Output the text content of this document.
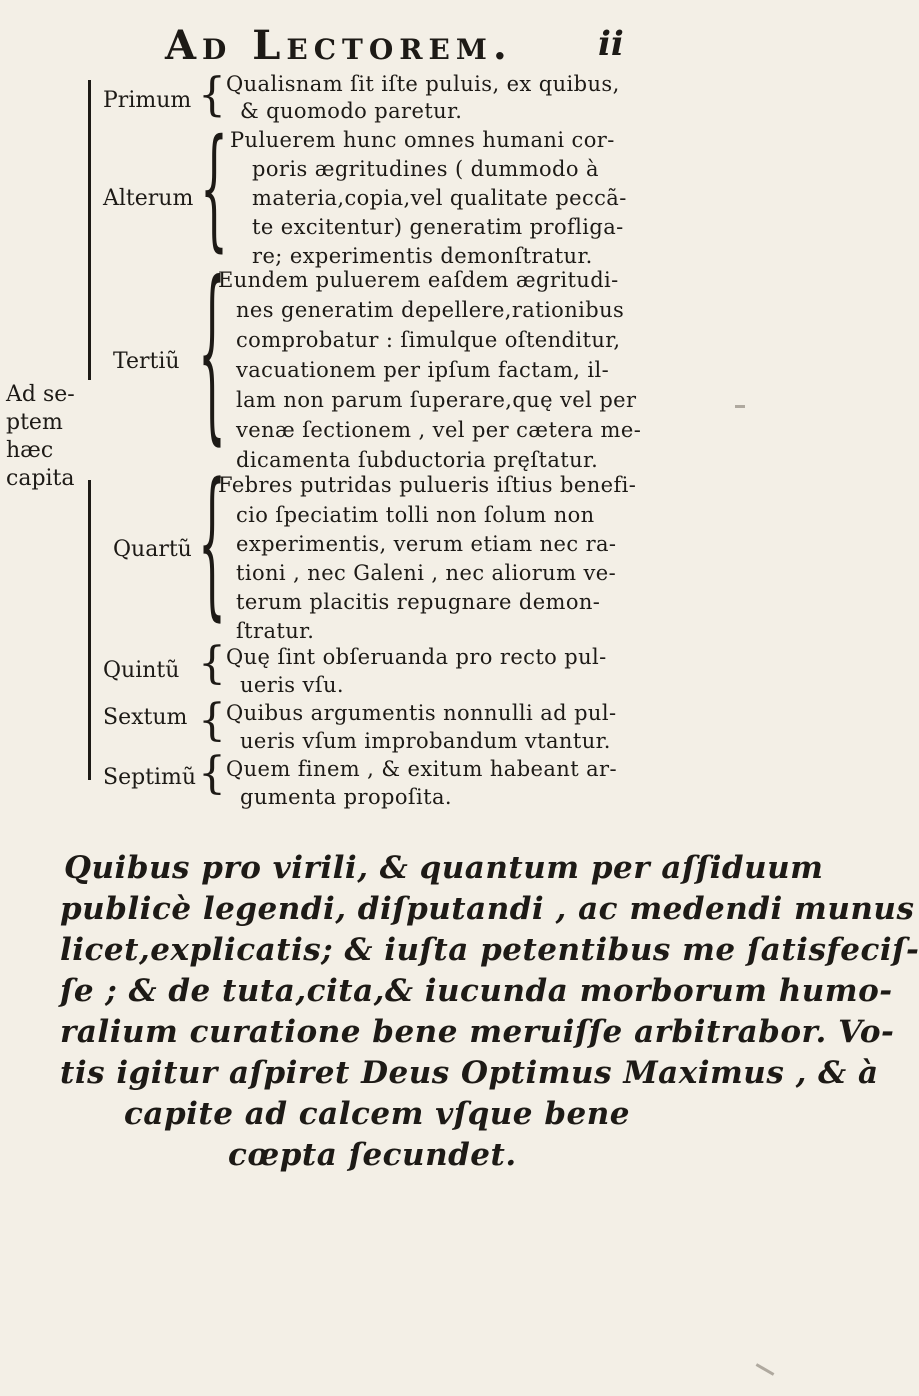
Ad Lectorem.	ii
Ad se-
ptem
hæc
capita
Primum { Qualisnam ſit iſte puluis, ex quibus,
& quomodo paretur.
Alterum { Puluerem hunc omnes humani cor-
poris ægritudines ( dummodo à
materia,copia,vel qualitate peccã-
te excitentur) generatim profliga-
re; experimentis demonſtratur.
Tertiũ {
Eundem puluerem eaſdem ægritudi-
nes generatim depellere,rationibus
comprobatur : ſimulque oſtenditur,
vacuationem per ipſum factam, il-
lam non parum ſuperare,quę vel per
venæ ſectionem , vel per cætera me-
dicamenta ſubductoria pręſtatur.
Quartũ {
Febres putridas pulueris iſtius benefi-
cio ſpeciatim tolli non ſolum non
experimentis, verum etiam nec ra-
tioni , nec Galeni , nec aliorum ve-
terum placitis repugnare demon-
ſtratur.
Quintũ { Quę ſint obſeruanda pro recto pul-
ueris vſu.
Sextum { Quibus argumentis nonnulli ad pul-
ueris vſum improbandum vtantur.
Septimũ { Quem finem , & exitum habeant ar-
gumenta propoſita.
Quibus pro virili, & quantum per aſſiduum
publicè legendi, diſputandi , ac medendi munus
licet,explicatis; & iuſta petentibus me ſatisfeciſ-
ſe ; & de tuta,cita,& iucunda morborum humo-
ralium curatione bene meruiſſe arbitrabor. Vo-
tis igitur aſpiret Deus Optimus Maximus , & à
capite ad calcem vſque bene
cœpta ſecundet.
